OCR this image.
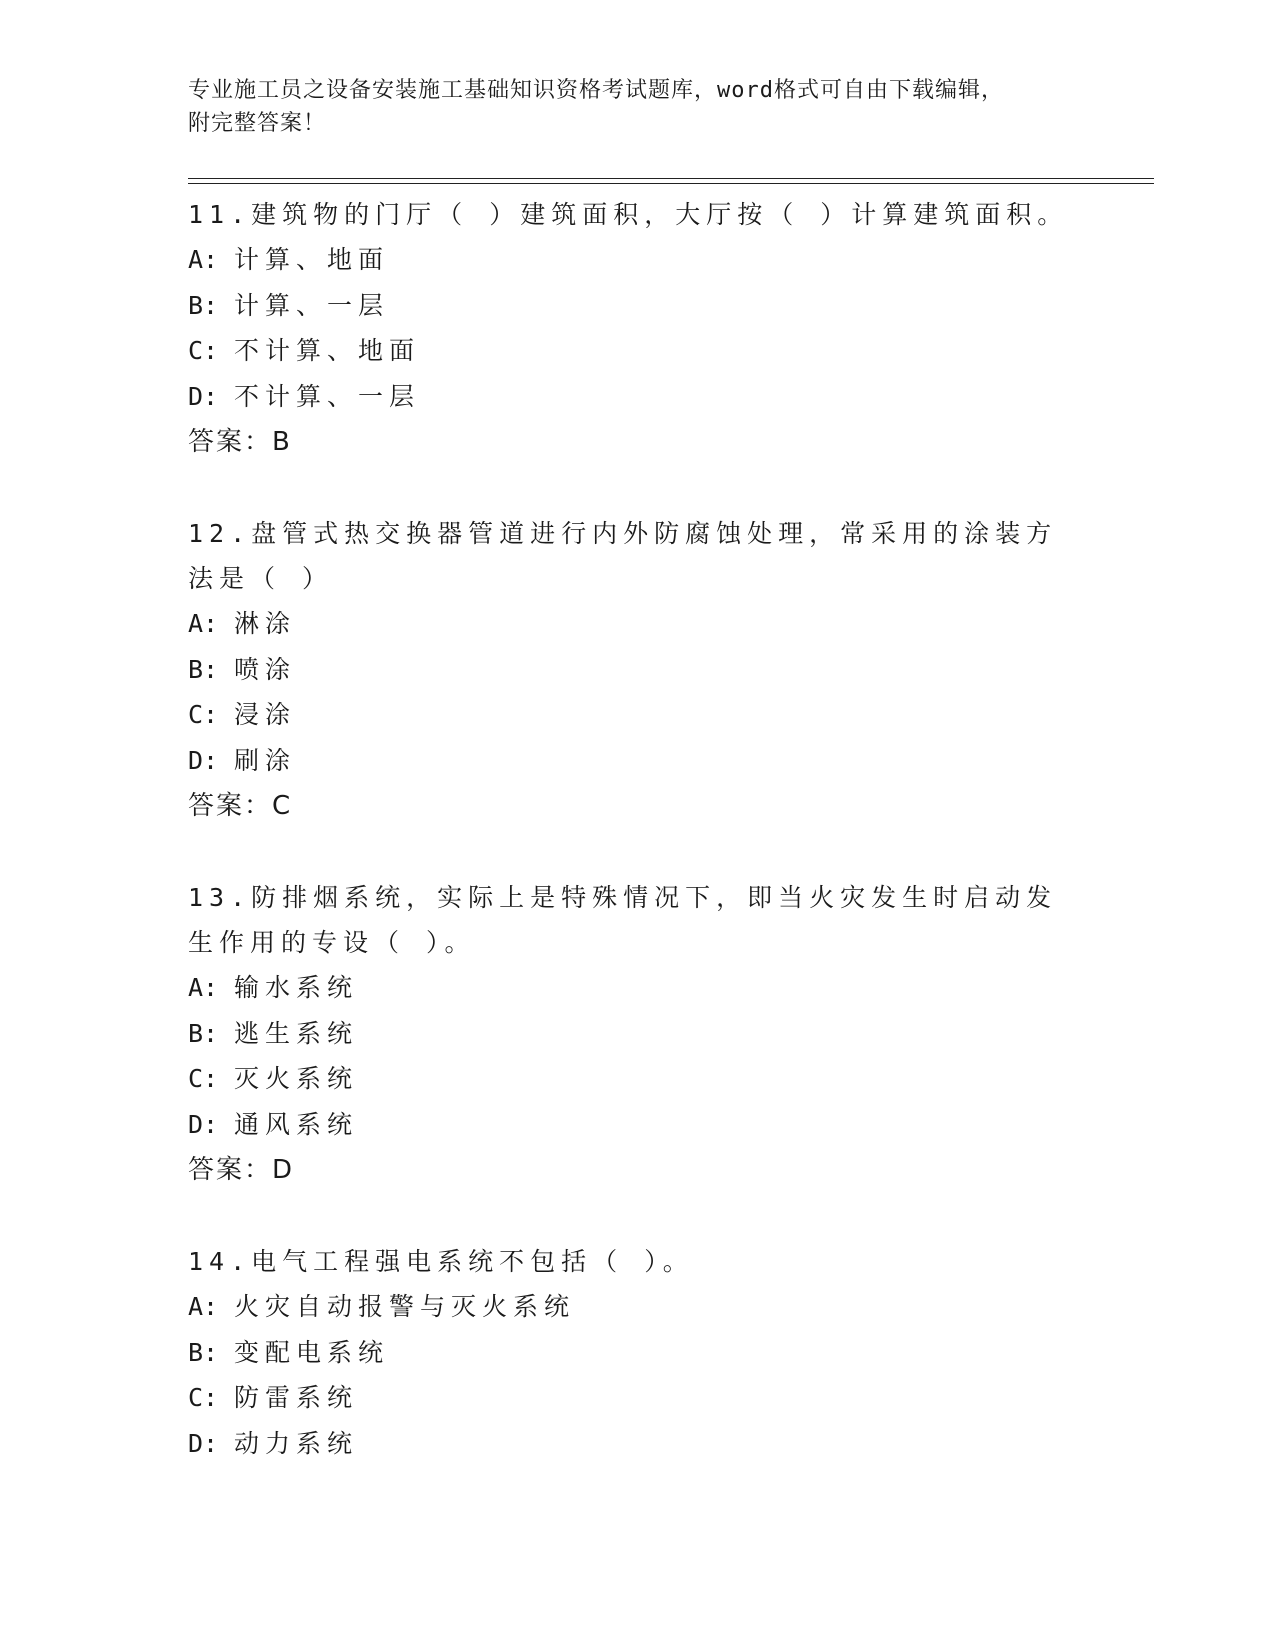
专业施工员之设备安装施工基础知识资格考试题库，word格式可自由下载编辑，
附完整答案！
11.建筑物的门厅（ ）建筑面积，大厅按（ ）计算建筑面积。
A: 计算、地面
B: 计算、一层
C: 不计算、地面
D: 不计算、一层
答案：B
12.盘管式热交换器管道进行内外防腐蚀处理，常采用的涂装方法是（ ）
A: 淋涂
B: 喷涂
C: 浸涂
D: 刷涂
答案：C
13.防排烟系统，实际上是特殊情况下，即当火灾发生时启动发生作用的专设（ ）。
A: 输水系统
B: 逃生系统
C: 灭火系统
D: 通风系统
答案：D
14.电气工程强电系统不包括（ ）。
A: 火灾自动报警与灭火系统
B: 变配电系统
C: 防雷系统
D: 动力系统
